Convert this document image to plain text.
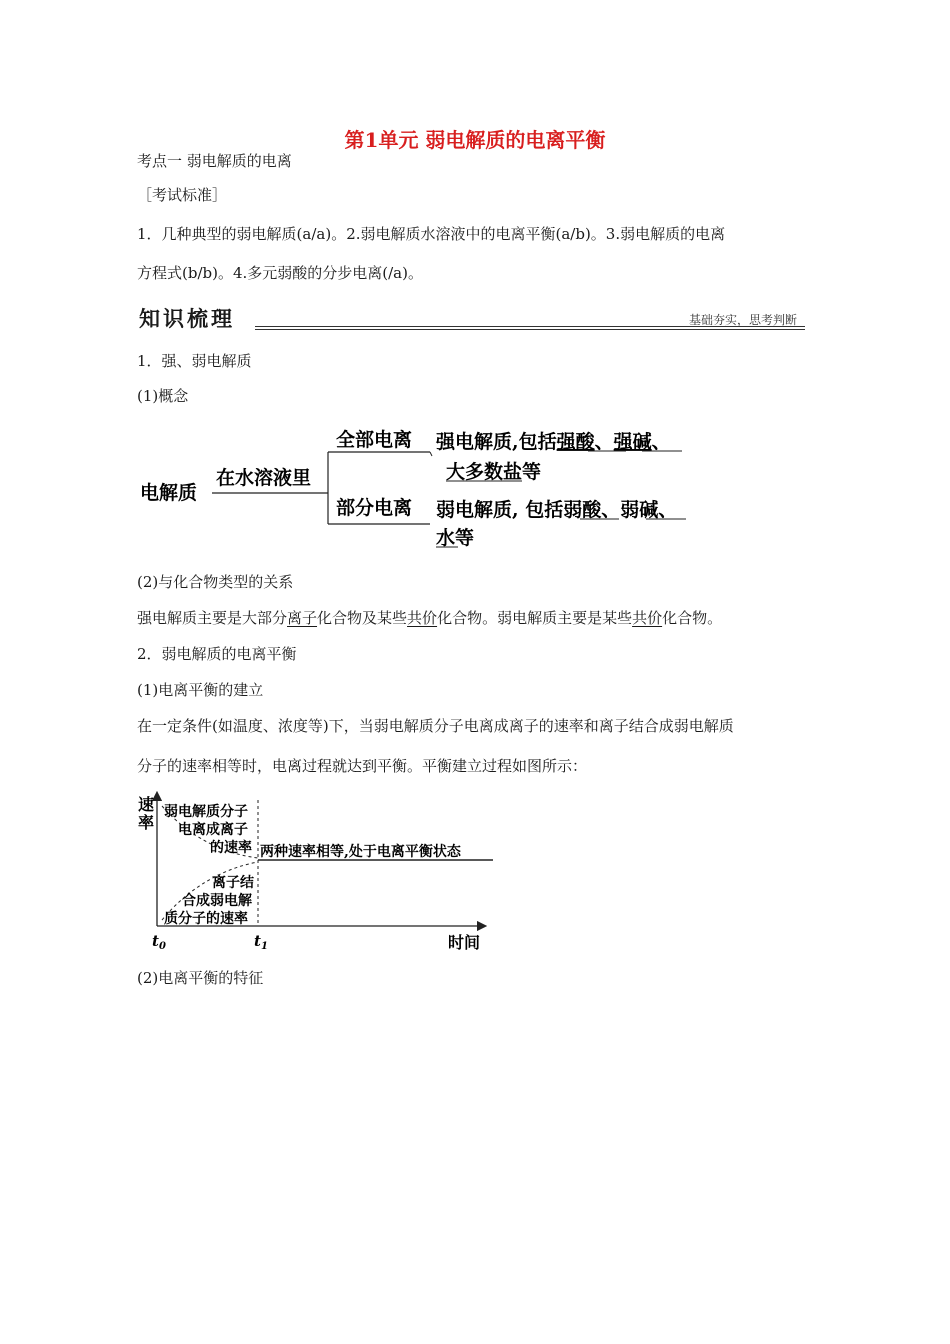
第1单元 弱电解质的电离平衡
考点一 弱电解质的电离
［考试标准］
1．几种典型的弱电解质(a/a)。2.弱电解质水溶液中的电离平衡(a/b)。3.弱电解质的电离
方程式(b/b)。4.多元弱酸的分步电离(/a)。
知识梳理	基础夯实，思考判断
1．强、弱电解质
(1)概念
电解质
在水溶液里
全部电离
部分电离
强电解质,包括强酸、强碱、
大多数盐等
弱电解质, 包括弱酸、弱碱、
水等
(2)与化合物类型的关系
强电解质主要是大部分离子化合物及某些共价化合物。弱电解质主要是某些共价化合物。
2．弱电解质的电离平衡
(1)电离平衡的建立
在一定条件(如温度、浓度等)下，当弱电解质分子电离成离子的速率和离子结合成弱电解质
分子的速率相等时，电离过程就达到平衡。平衡建立过程如图所示：
速
率
两种速率相等,处于电离平衡状态
弱电解质分子
电离成离子
的速率
离子结
合成弱电解
质分子的速率
$t_0$	$t_1$	时间
(2)电离平衡的特征
